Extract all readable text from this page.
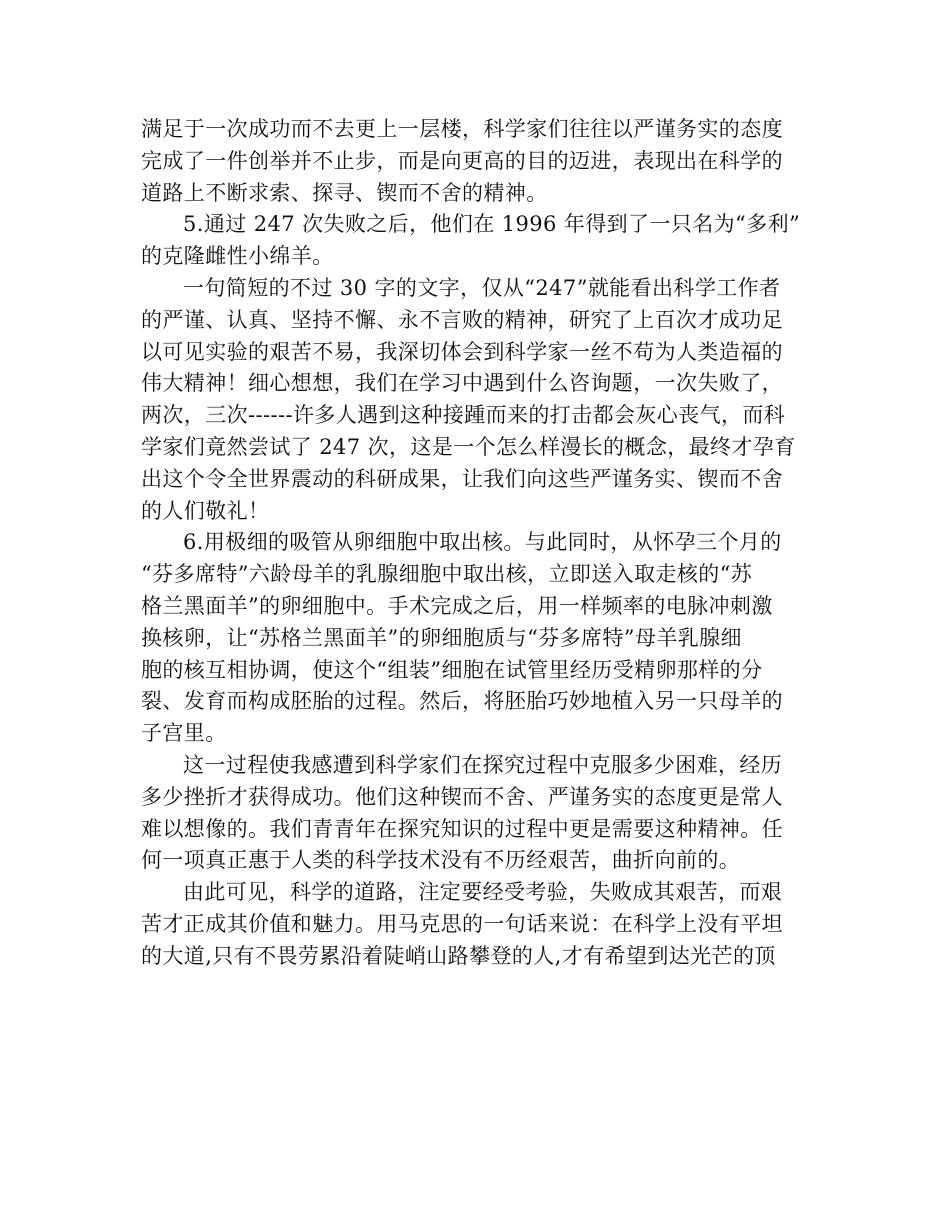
满足于一次成功而不去更上一层楼，科学家们往往以严谨务实的态度
完成了一件创举并不止步，而是向更高的目的迈进，表现出在科学的
道路上不断求索、探寻、锲而不舍的精神。
5.通过 247 次失败之后，他们在 1996 年得到了一只名为“多利”
的克隆雌性小绵羊。
一句简短的不过 30 字的文字，仅从“247”就能看出科学工作者
的严谨、认真、坚持不懈、永不言败的精神，研究了上百次才成功足
以可见实验的艰苦不易，我深切体会到科学家一丝不苟为人类造福的
伟大精神！细心想想，我们在学习中遇到什么咨询题，一次失败了，
两次，三次------许多人遇到这种接踵而来的打击都会灰心丧气，而科
学家们竟然尝试了 247 次，这是一个怎么样漫长的概念，最终才孕育
出这个令全世界震动的科研成果，让我们向这些严谨务实、锲而不舍
的人们敬礼！
6.用极细的吸管从卵细胞中取出核。与此同时，从怀孕三个月的
“芬多席特”六龄母羊的乳腺细胞中取出核，立即送入取走核的“苏
格兰黑面羊”的卵细胞中。手术完成之后，用一样频率的电脉冲刺激
换核卵，让“苏格兰黑面羊”的卵细胞质与“芬多席特”母羊乳腺细
胞的核互相协调，使这个“组装”细胞在试管里经历受精卵那样的分
裂、发育而构成胚胎的过程。然后，将胚胎巧妙地植入另一只母羊的
子宫里。
这一过程使我感遭到科学家们在探究过程中克服多少困难，经历
多少挫折才获得成功。他们这种锲而不舍、严谨务实的态度更是常人
难以想像的。我们青青年在探究知识的过程中更是需要这种精神。任
何一项真正惠于人类的科学技术没有不历经艰苦，曲折向前的。
由此可见，科学的道路，注定要经受考验，失败成其艰苦，而艰
苦才正成其价值和魅力。用马克思的一句话来说：在科学上没有平坦
的大道,只有不畏劳累沿着陡峭山路攀登的人,才有希望到达光芒的顶
